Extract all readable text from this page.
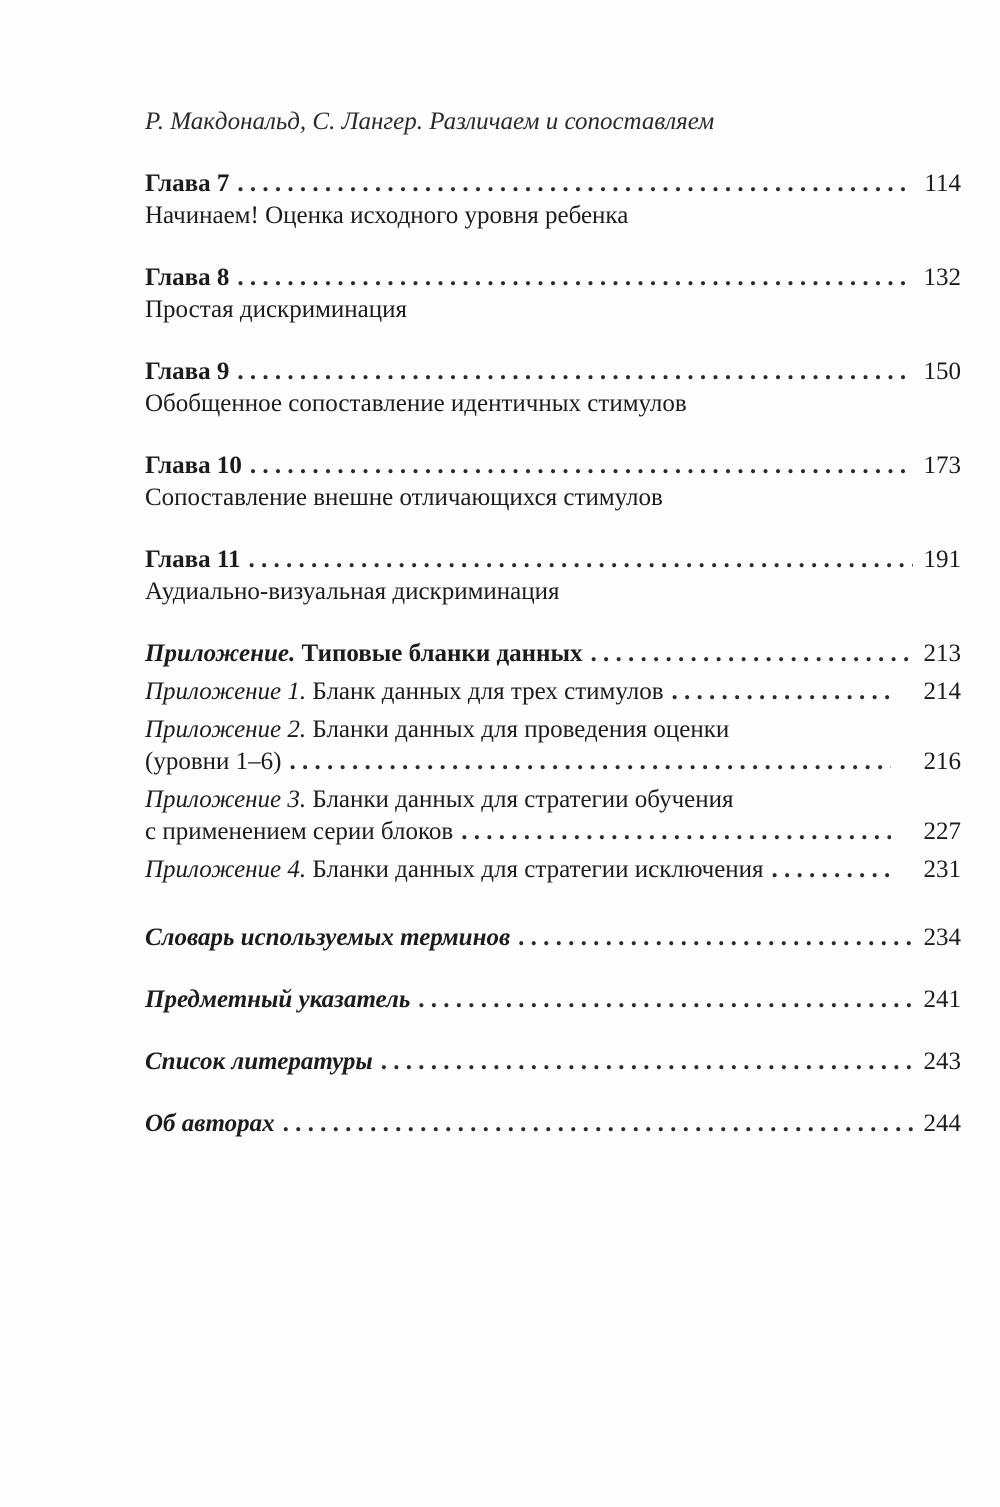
Р. Макдональд, С. Лангер. Различаем и сопоставляем
Глава 7 . . .	114
Начинаем! Оценка исходного уровня ребенка
Глава 8 . . .	132
Простая дискриминация
Глава 9 . . .	150
Обобщенное сопоставление идентичных стимулов
Глава 10 . . .	173
Сопоставление внешне отличающихся стимулов
Глава 11 . . .	191
Аудиально-визуальная дискриминация
Приложение. Типовые бланки данных . . .	213
Приложение 1. Бланк данных для трех стимулов . . .	214
Приложение 2. Бланки данных для проведения оценки
(уровни 1–6) . . .	216
Приложение 3. Бланки данных для стратегии обучения
с применением серии блоков . . .	227
Приложение 4. Бланки данных для стратегии исключения . . .	231
Словарь используемых терминов . . .	234
Предметный указатель . . .	241
Список литературы . . .	243
Об авторах . . .	244
